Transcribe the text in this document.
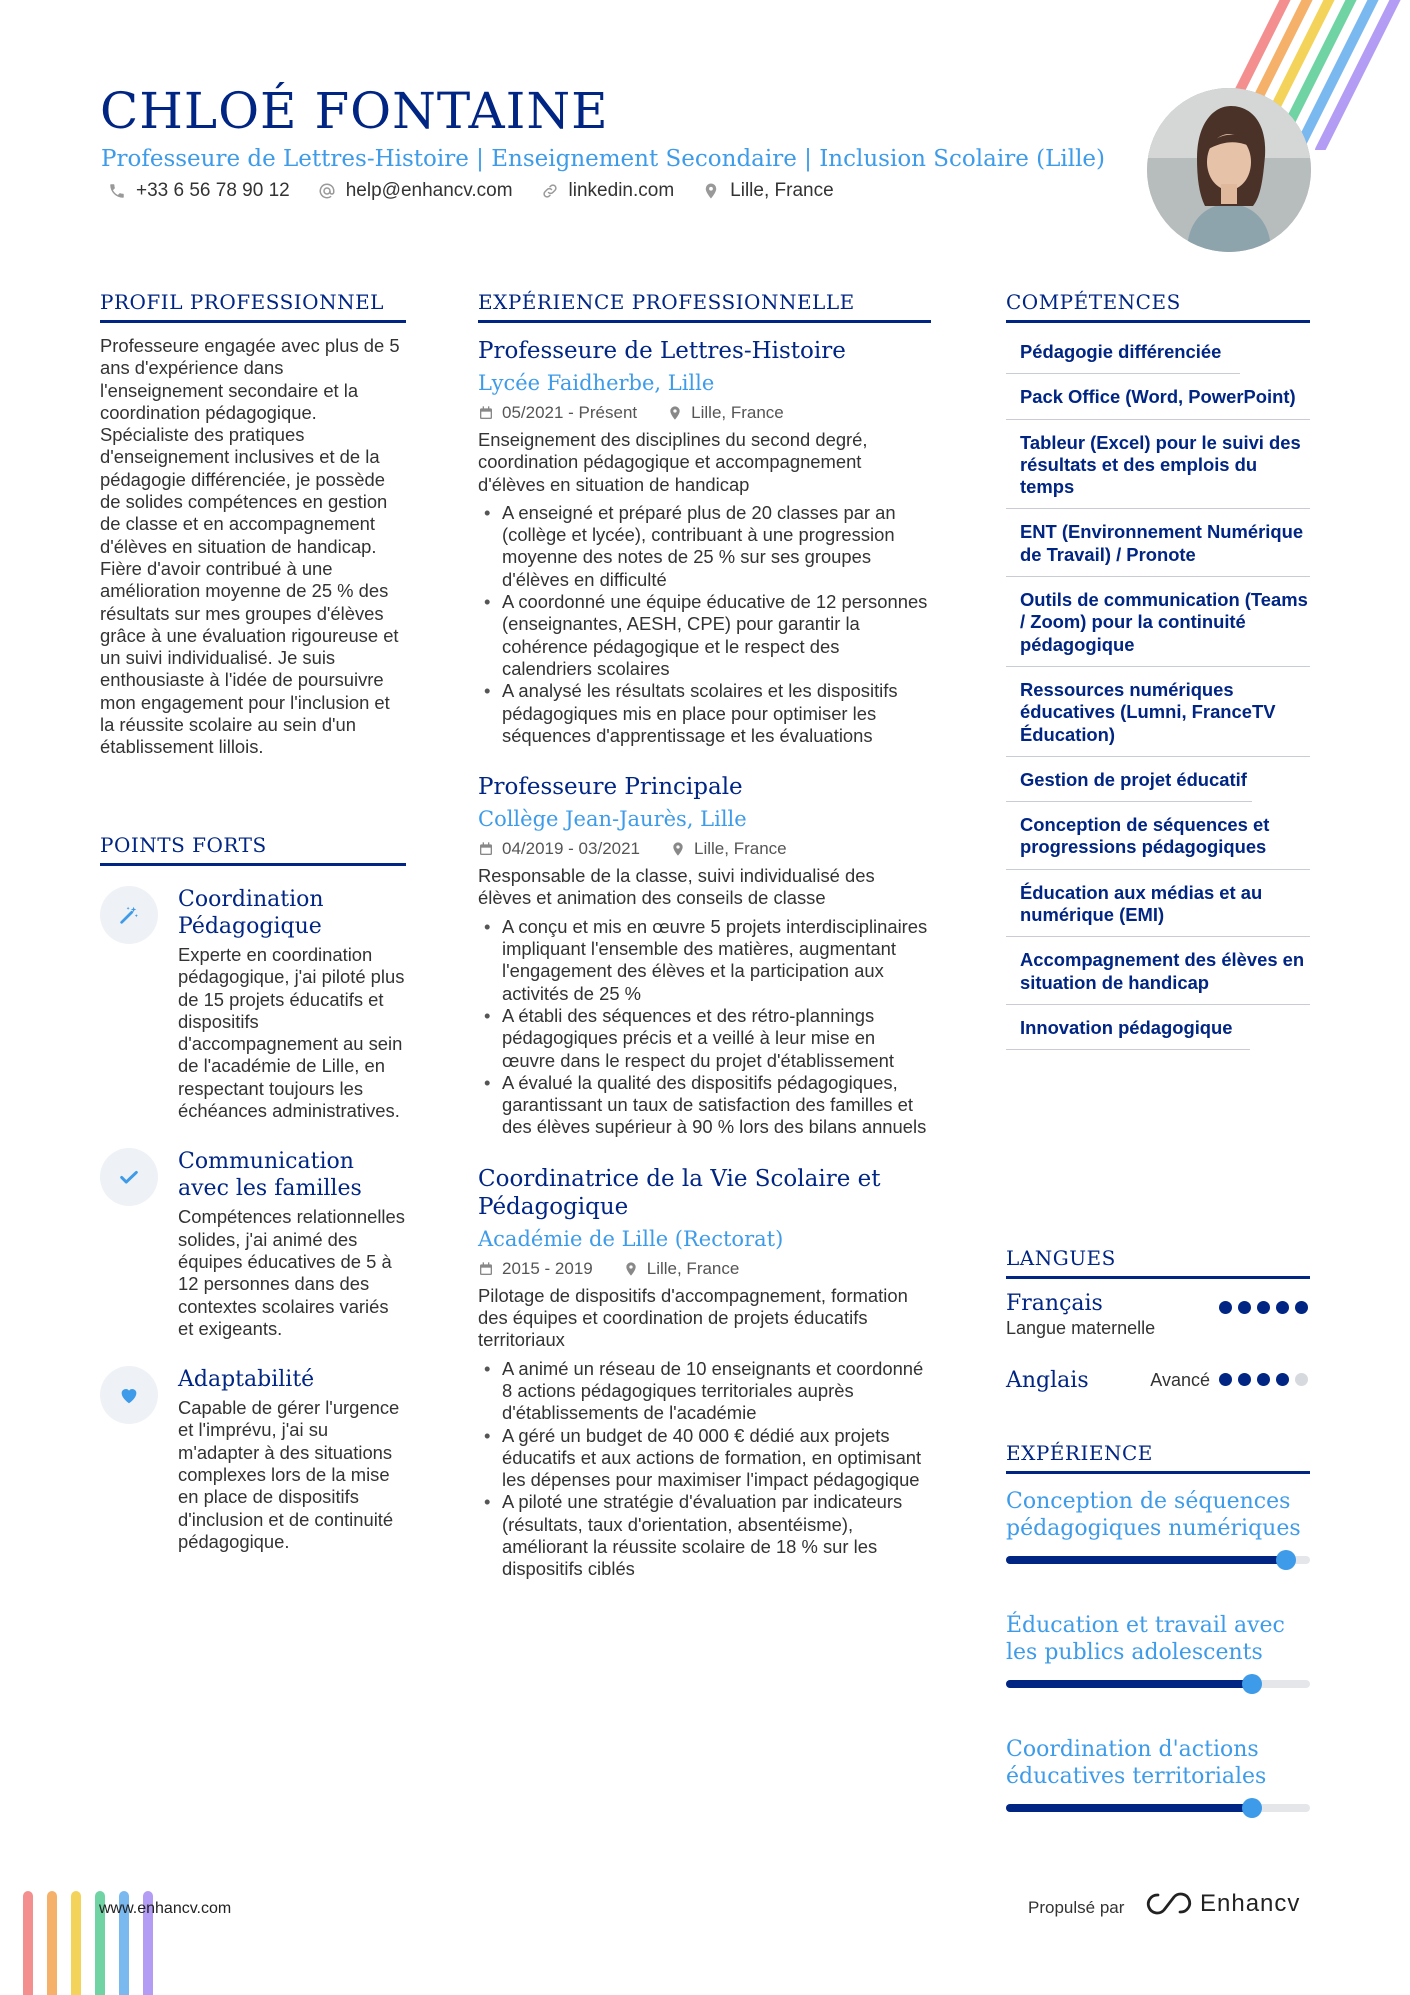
CHLOÉ FONTAINE
Professeure de Lettres-Histoire | Enseignement Secondaire | Inclusion Scolaire (Lille)
+33 6 56 78 90 12	help@enhancv.com	linkedin.com	Lille, France
PROFIL PROFESSIONNEL
Professeure engagée avec plus de 5 ans d'expérience dans l'enseignement secondaire et la coordination pédagogique. Spécialiste des pratiques d'enseignement inclusives et de la pédagogie différenciée, je possède de solides compétences en gestion de classe et en accompagnement d'élèves en situation de handicap. Fière d'avoir contribué à une amélioration moyenne de 25 % des résultats sur mes groupes d'élèves grâce à une évaluation rigoureuse et un suivi individualisé. Je suis enthousiaste à l'idée de poursuivre mon engagement pour l'inclusion et la réussite scolaire au sein d'un établissement lillois.
POINTS FORTS
Coordination Pédagogique
Experte en coordination pédagogique, j'ai piloté plus de 15 projets éducatifs et dispositifs d'accompagnement au sein de l'académie de Lille, en respectant toujours les échéances administratives.
Communication avec les familles
Compétences relationnelles solides, j'ai animé des équipes éducatives de 5 à 12 personnes dans des contextes scolaires variés et exigeants.
Adaptabilité
Capable de gérer l'urgence et l'imprévu, j'ai su m'adapter à des situations complexes lors de la mise en place de dispositifs d'inclusion et de continuité pédagogique.
EXPÉRIENCE PROFESSIONNELLE
Professeure de Lettres-Histoire
Lycée Faidherbe, Lille
05/2021 - Présent	Lille, France
Enseignement des disciplines du second degré, coordination pédagogique et accompagnement d'élèves en situation de handicap
• A enseigné et préparé plus de 20 classes par an (collège et lycée), contribuant à une progression moyenne des notes de 25 % sur ses groupes d'élèves en difficulté
• A coordonné une équipe éducative de 12 personnes (enseignantes, AESH, CPE) pour garantir la cohérence pédagogique et le respect des calendriers scolaires
• A analysé les résultats scolaires et les dispositifs pédagogiques mis en place pour optimiser les séquences d'apprentissage et les évaluations
Professeure Principale
Collège Jean-Jaurès, Lille
04/2019 - 03/2021	Lille, France
Responsable de la classe, suivi individualisé des élèves et animation des conseils de classe
• A conçu et mis en œuvre 5 projets interdisciplinaires impliquant l'ensemble des matières, augmentant l'engagement des élèves et la participation aux activités de 25 %
• A établi des séquences et des rétro-plannings pédagogiques précis et a veillé à leur mise en œuvre dans le respect du projet d'établissement
• A évalué la qualité des dispositifs pédagogiques, garantissant un taux de satisfaction des familles et des élèves supérieur à 90 % lors des bilans annuels
Coordinatrice de la Vie Scolaire et Pédagogique
Académie de Lille (Rectorat)
2015 - 2019	Lille, France
Pilotage de dispositifs d'accompagnement, formation des équipes et coordination de projets éducatifs territoriaux
• A animé un réseau de 10 enseignants et coordonné 8 actions pédagogiques territoriales auprès d'établissements de l'académie
• A géré un budget de 40 000 € dédié aux projets éducatifs et aux actions de formation, en optimisant les dépenses pour maximiser l'impact pédagogique
• A piloté une stratégie d'évaluation par indicateurs (résultats, taux d'orientation, absentéisme), améliorant la réussite scolaire de 18 % sur les dispositifs ciblés
COMPÉTENCES
Pédagogie différenciée
Pack Office (Word, PowerPoint)
Tableur (Excel) pour le suivi des résultats et des emplois du temps
ENT (Environnement Numérique de Travail) / Pronote
Outils de communication (Teams / Zoom) pour la continuité pédagogique
Ressources numériques éducatives (Lumni, FranceTV Éducation)
Gestion de projet éducatif
Conception de séquences et progressions pédagogiques
Éducation aux médias et au numérique (EMI)
Accompagnement des élèves en situation de handicap
Innovation pédagogique
LANGUES
Français
Langue maternelle
Anglais	Avancé
EXPÉRIENCE
Conception de séquences pédagogiques numériques
Éducation et travail avec les publics adolescents
Coordination d'actions éducatives territoriales
www.enhancv.com	Propulsé par	Enhancv
